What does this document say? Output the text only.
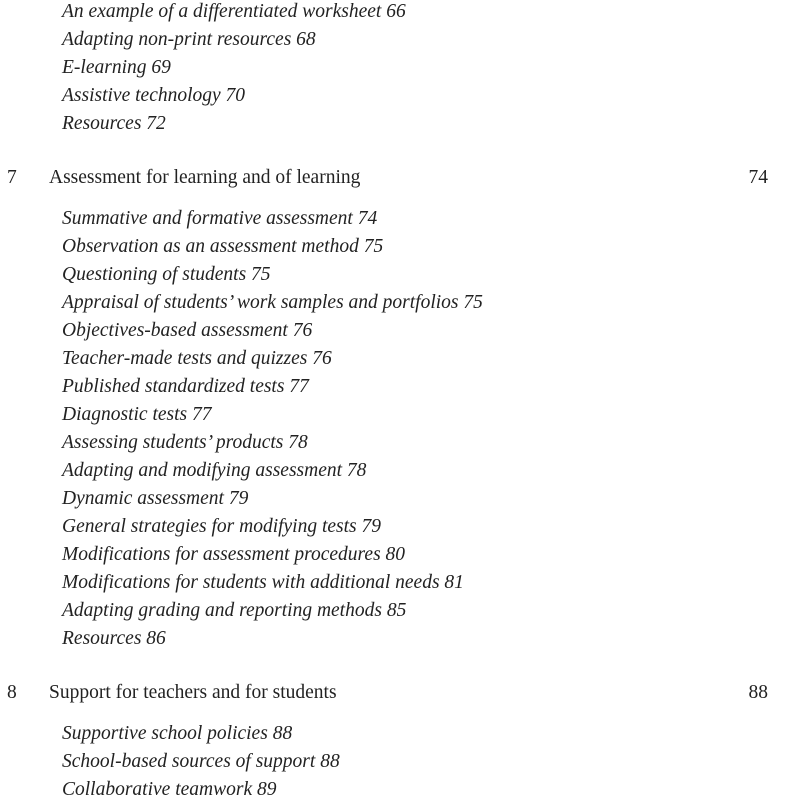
An example of a differentiated worksheet 66

Adapting non-print resources 68

E-learning 69

Assistive technology 70

Resources 72

7 Assessment for learning and of learning	74

Summative and formative assessment 74

Observation as an assessment method 75

Questioning of students 75

Appraisal of students’ work samples and portfolios 75

Objectives-based assessment 76

Teacher-made tests and quizzes 76

Published standardized tests 77

Diagnostic tests 77

Assessing students’ products 78

Adapting and modifying assessment 78

Dynamic assessment 79

General strategies for modifying tests 79

Modifications for assessment procedures 80

Modifications for students with additional needs 81

Adapting grading and reporting methods 85

Resources 86

8 Support for teachers and for students	88

Supportive school policies 88

School-based sources of support 88

Collaborative teamwork 89
